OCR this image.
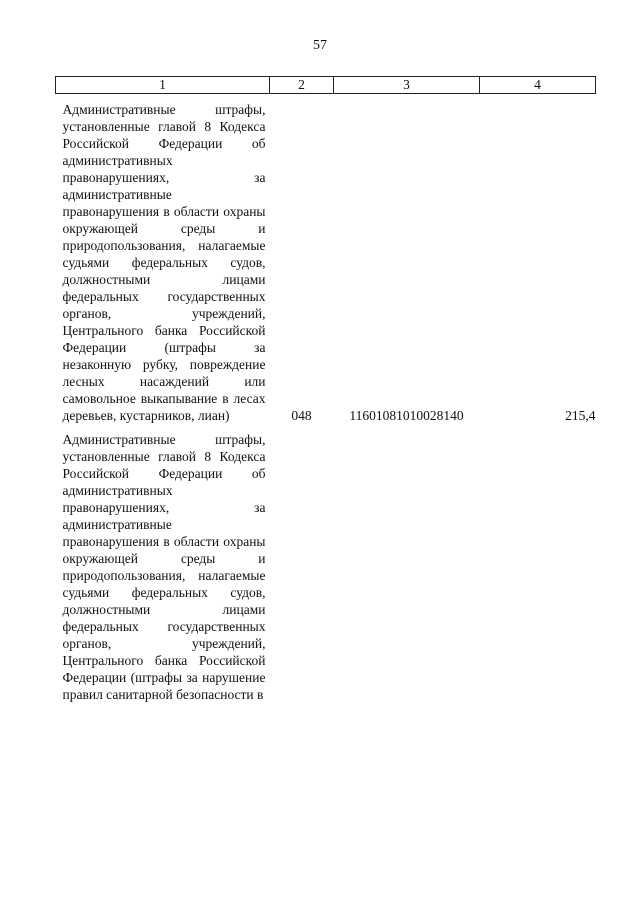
57
1	2	3	4
Административные штрафы, установленные главой 8 Кодекса Российской Федерации об административных правонарушениях, за административные правонарушения в области охраны окружающей среды и природопользования, налагаемые судьями федеральных судов, должностными лицами федеральных государственных органов, учреждений, Центрального банка Российской Федерации (штрафы за незаконную рубку, повреждение лесных насаждений или самовольное выкапывание в лесах деревьев, кустарников, лиан)	048	11601081010028140	215,4
Административные штрафы, установленные главой 8 Кодекса Российской Федерации об административных правонарушениях, за административные правонарушения в области охраны окружающей среды и природопользования, налагаемые судьями федеральных судов, должностными лицами федеральных государственных органов, учреждений, Центрального банка Российской Федерации (штрафы за нарушение правил санитарной безопасности в			
